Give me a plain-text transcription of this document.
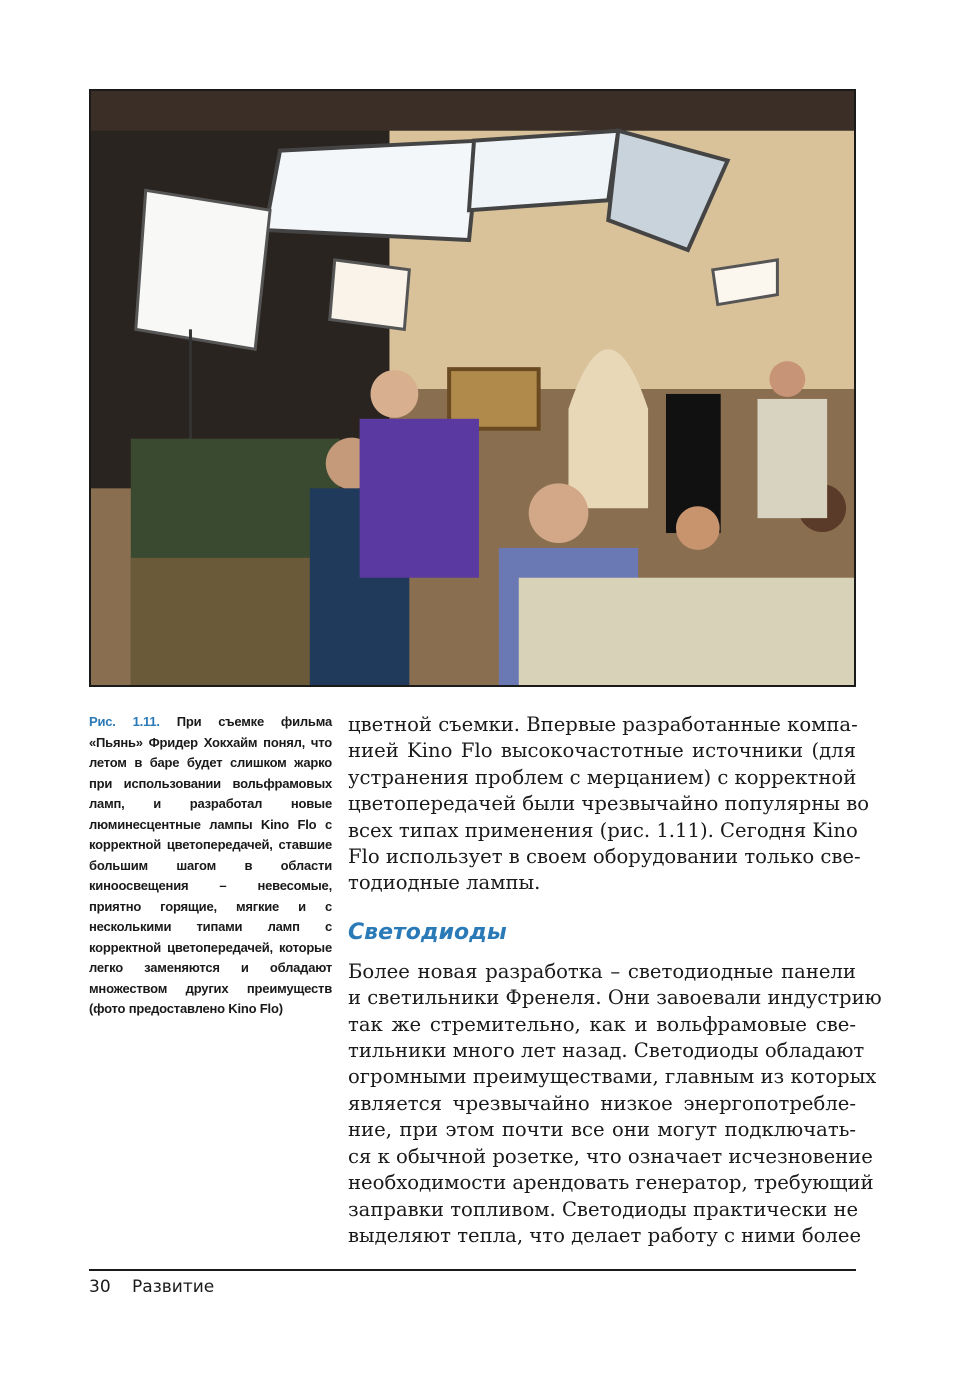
Рис. 1.11. При съемке фильма «Пьянь» Фридер Хокхайм понял, что летом в баре будет слишком жарко при использовании вольфрамовых ламп, и разработал новые люминесцентные лампы Kino Flo с корректной цветопередачей, ставшие большим шагом в области кинoосвещения – невесомые, приятно горящие, мягкие и с несколькими типами ламп с корректной цветопередачей, которые легко заменяются и обладают множеством других преимуществ (фото предоставлено Kino Flo)

цветной съемки. Впервые разработанные компа-
нией Kino Flo высокочастотные источники (для
устранения проблем с мерцанием) с корректной
цветопередачей были чрезвычайно популярны во
всех типах применения (рис. 1.11). Сегодня Kino
Flo использует в своем оборудовании только све-
тодиодные лампы.

Светодиоды

Более новая разработка – светодиодные панели
и светильники Френеля. Они завоевали индустрию
так же стремительно, как и вольфрамовые све-
тильники много лет назад. Светодиоды обладают
огромными преимуществами, главным из которых
является чрезвычайно низкое энергопотребле-
ние, при этом почти все они могут подключать-
ся к обычной розетке, что означает исчезновение
необходимости арендовать генератор, требующий
заправки топливом. Светодиоды практически не
выделяют тепла, что делает работу с ними более

30 Развитие
